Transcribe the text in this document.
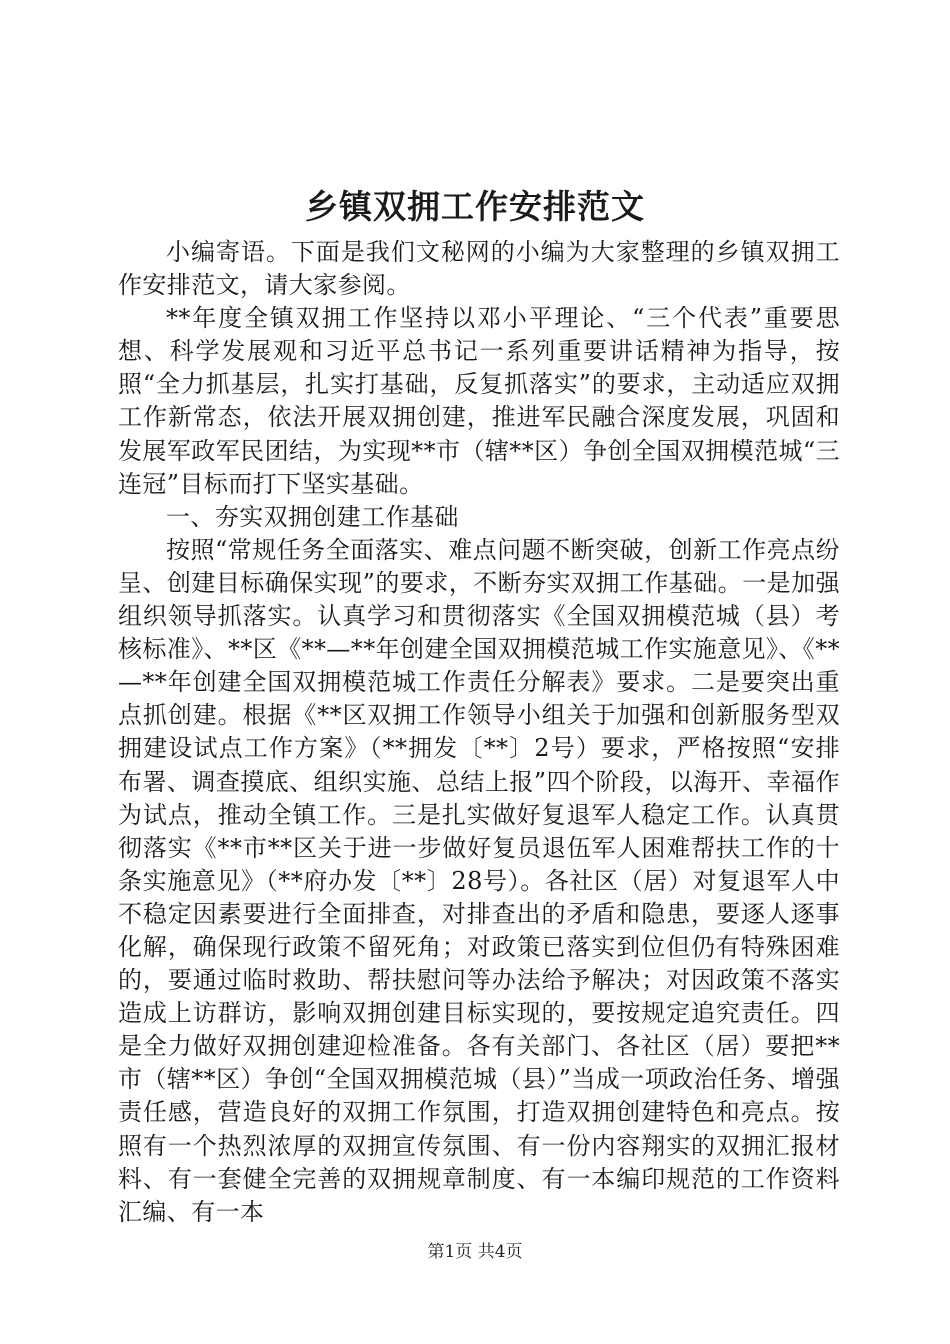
乡镇双拥工作安排范文

小编寄语。下面是我们文秘网的小编为大家整理的乡镇双拥工作安排范文，请大家参阅。

**年度全镇双拥工作坚持以邓小平理论、“三个代表”重要思想、科学发展观和习近平总书记一系列重要讲话精神为指导，按照“全力抓基层，扎实打基础，反复抓落实”的要求，主动适应双拥工作新常态，依法开展双拥创建，推进军民融合深度发展，巩固和发展军政军民团结，为实现**市（辖**区）争创全国双拥模范城“三连冠”目标而打下坚实基础。

一、夯实双拥创建工作基础

按照“常规任务全面落实、难点问题不断突破，创新工作亮点纷呈、创建目标确保实现”的要求，不断夯实双拥工作基础。一是加强组织领导抓落实。认真学习和贯彻落实《全国双拥模范城（县）考核标准》、**区《**—**年创建全国双拥模范城工作实施意见》、《**—**年创建全国双拥模范城工作责任分解表》要求。二是要突出重点抓创建。根据《**区双拥工作领导小组关于加强和创新服务型双拥建设试点工作方案》（**拥发〔**〕2号）要求，严格按照“安排布署、调查摸底、组织实施、总结上报”四个阶段，以海开、幸福作为试点，推动全镇工作。三是扎实做好复退军人稳定工作。认真贯彻落实《**市**区关于进一步做好复员退伍军人困难帮扶工作的十条实施意见》（**府办发〔**〕28号）。各社区（居）对复退军人中不稳定因素要进行全面排查，对排查出的矛盾和隐患，要逐人逐事化解，确保现行政策不留死角；对政策已落实到位但仍有特殊困难的，要通过临时救助、帮扶慰问等办法给予解决；对因政策不落实造成上访群访，影响双拥创建目标实现的，要按规定追究责任。四是全力做好双拥创建迎检准备。各有关部门、各社区（居）要把**市（辖**区）争创“全国双拥模范城（县）”当成一项政治任务、增强责任感，营造良好的双拥工作氛围，打造双拥创建特色和亮点。按照有一个热烈浓厚的双拥宣传氛围、有一份内容翔实的双拥汇报材料、有一套健全完善的双拥规章制度、有一本编印规范的工作资料汇编、有一本

第1页 共4页
